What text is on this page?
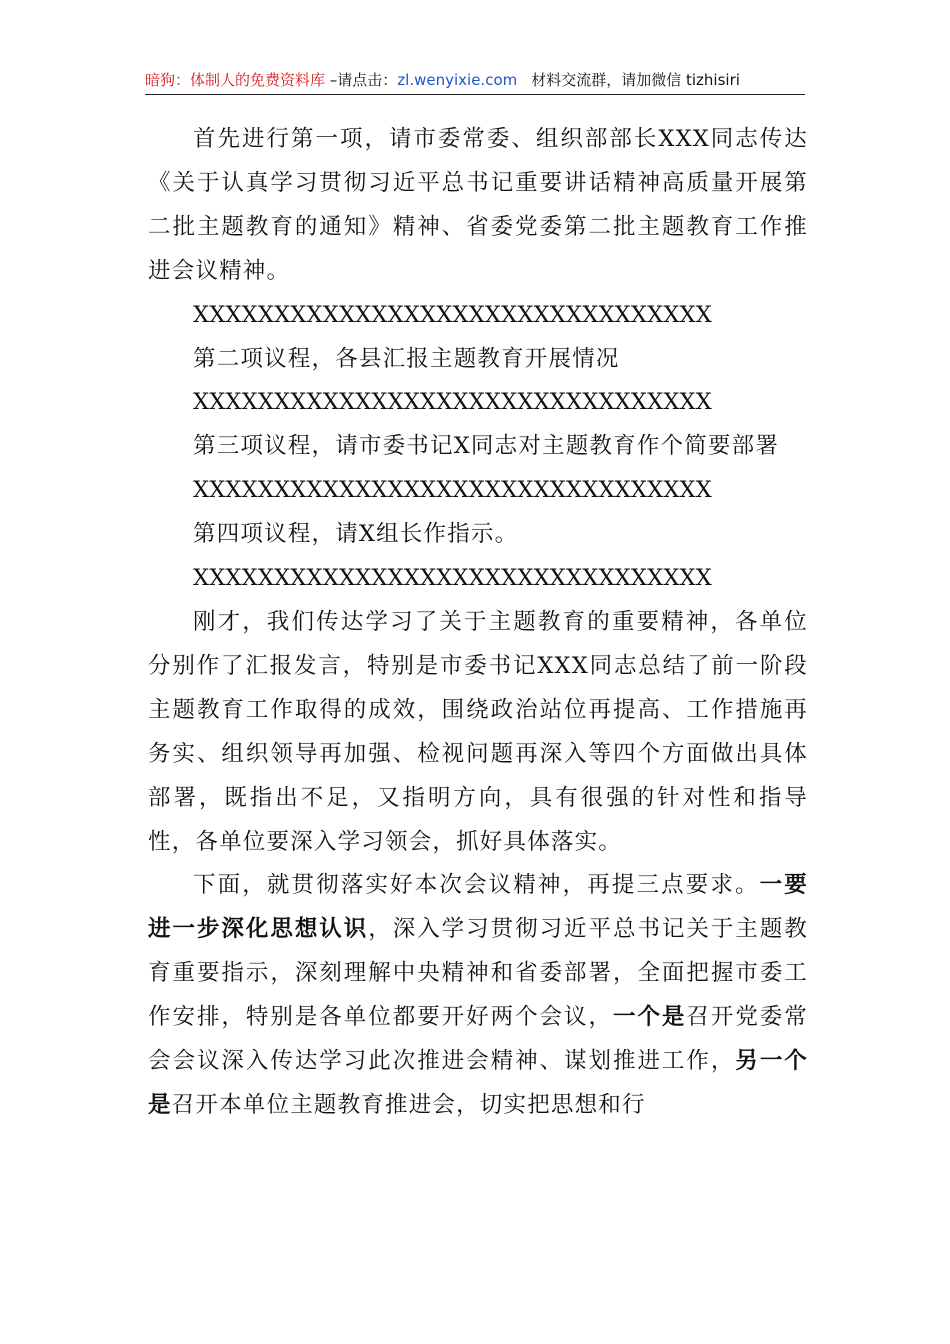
暗狗：体制人的免费资料库 –请点击：zl.wenyixie.com 材料交流群，请加微信 tizhisiri

首先进行第一项，请市委常委、组织部部长XXX同志传达《关于认真学习贯彻习近平总书记重要讲话精神高质量开展第二批主题教育的通知》精神、省委党委第二批主题教育工作推进会议精神。

XXXXXXXXXXXXXXXXXXXXXXXXXXXXXXXX

第二项议程，各县汇报主题教育开展情况

XXXXXXXXXXXXXXXXXXXXXXXXXXXXXXXX

第三项议程，请市委书记X同志对主题教育作个简要部署

XXXXXXXXXXXXXXXXXXXXXXXXXXXXXXXX

第四项议程，请X组长作指示。

XXXXXXXXXXXXXXXXXXXXXXXXXXXXXXXX

刚才，我们传达学习了关于主题教育的重要精神，各单位分别作了汇报发言，特别是市委书记XXX同志总结了前一阶段主题教育工作取得的成效，围绕政治站位再提高、工作措施再务实、组织领导再加强、检视问题再深入等四个方面做出具体部署，既指出不足，又指明方向，具有很强的针对性和指导性，各单位要深入学习领会，抓好具体落实。

下面，就贯彻落实好本次会议精神，再提三点要求。一要进一步深化思想认识，深入学习贯彻习近平总书记关于主题教育重要指示，深刻理解中央精神和省委部署，全面把握市委工作安排，特别是各单位都要开好两个会议，一个是召开党委常会会议深入传达学习此次推进会精神、谋划推进工作，另一个是召开本单位主题教育推进会，切实把思想和行
